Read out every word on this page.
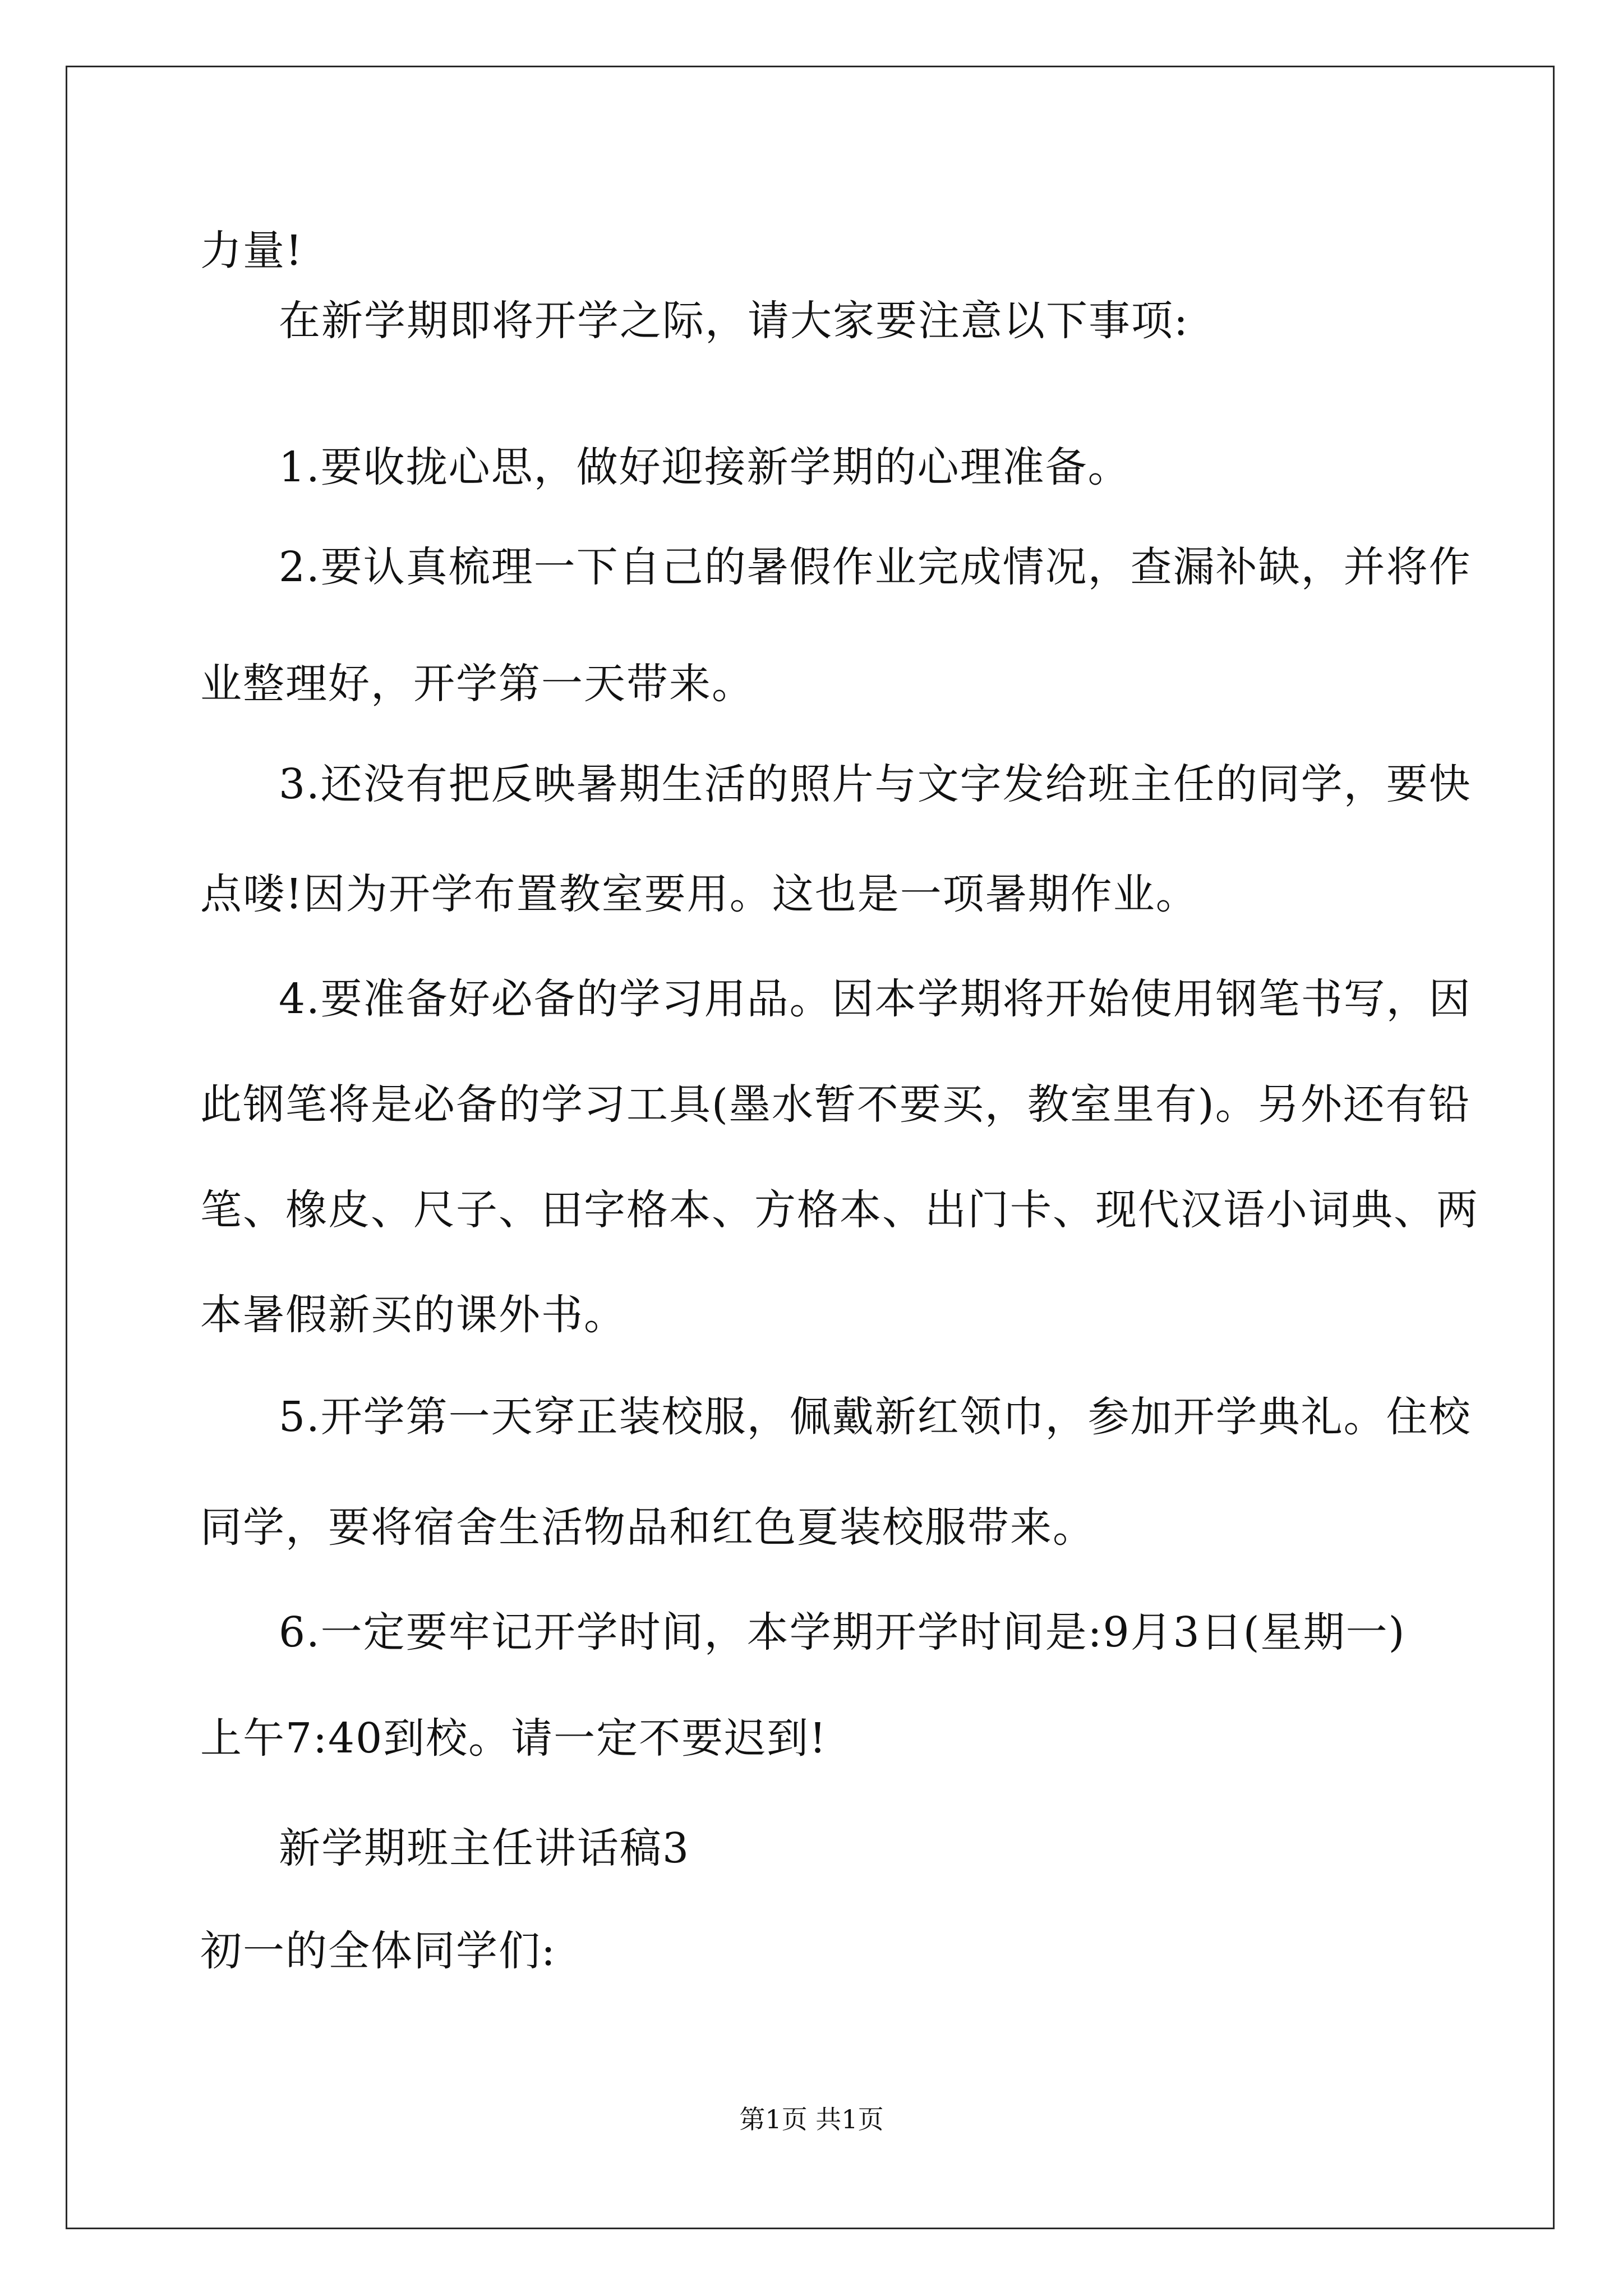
力量!
在新学期即将开学之际，请大家要注意以下事项:
1.要收拢心思，做好迎接新学期的心理准备。
2.要认真梳理一下自己的暑假作业完成情况，查漏补缺，并将作
业整理好，开学第一天带来。
3.还没有把反映暑期生活的照片与文字发给班主任的同学，要快
点喽!因为开学布置教室要用。这也是一项暑期作业。
4.要准备好必备的学习用品。因本学期将开始使用钢笔书写，因
此钢笔将是必备的学习工具(墨水暂不要买，教室里有)。另外还有铅
笔、橡皮、尺子、田字格本、方格本、出门卡、现代汉语小词典、两
本暑假新买的课外书。
5.开学第一天穿正装校服，佩戴新红领巾，参加开学典礼。住校
同学，要将宿舍生活物品和红色夏装校服带来。
6.一定要牢记开学时间，本学期开学时间是:9月3日(星期一)
上午7:40到校。请一定不要迟到!
新学期班主任讲话稿3
初一的全体同学们:
第1页 共1页
